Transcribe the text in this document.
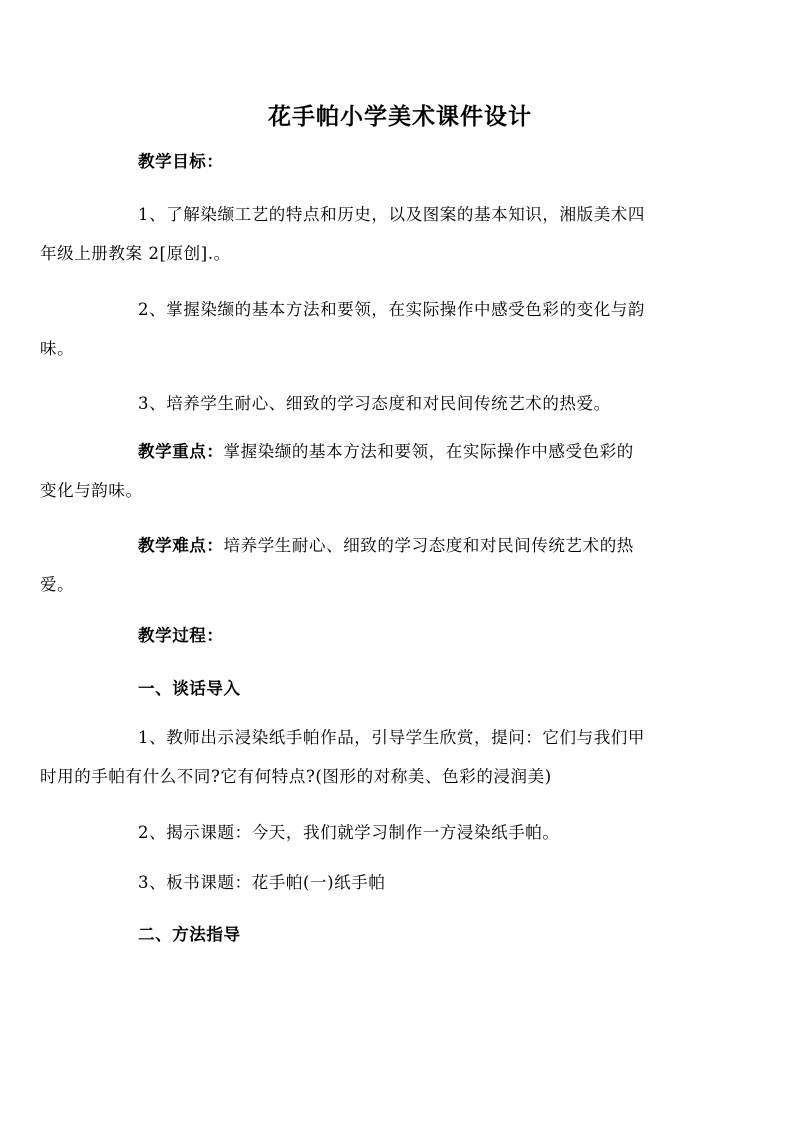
花手帕小学美术课件设计
教学目标：
1、了解染缬工艺的特点和历史，以及图案的基本知识，湘版美术四
年级上册教案 2[原创].。
2、掌握染缬的基本方法和要领，在实际操作中感受色彩的变化与韵
味。
3、培养学生耐心、细致的学习态度和对民间传统艺术的热爱。
教学重点：掌握染缬的基本方法和要领，在实际操作中感受色彩的
变化与韵味。
教学难点：培养学生耐心、细致的学习态度和对民间传统艺术的热
爱。
教学过程：
一、谈话导入
1、教师出示浸染纸手帕作品，引导学生欣赏，提问：它们与我们甲
时用的手帕有什么不同?它有何特点?(图形的对称美、色彩的浸润美)
2、揭示课题：今天，我们就学习制作一方浸染纸手帕。
3、板书课题：花手帕(一)纸手帕
二、方法指导
